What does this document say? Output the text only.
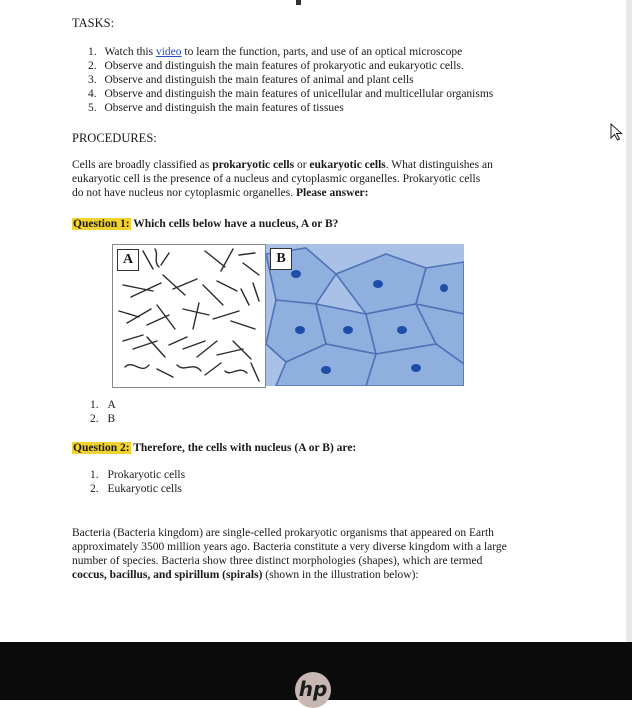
TASKS:
1. Watch this video to learn the function, parts, and use of an optical microscope
2. Observe and distinguish the main features of prokaryotic and eukaryotic cells.
3. Observe and distinguish the main features of animal and plant cells
4. Observe and distinguish the main features of unicellular and multicellular organisms
5. Observe and distinguish the main features of tissues
PROCEDURES:
Cells are broadly classified as prokaryotic cells or eukaryotic cells. What distinguishes an
eukaryotic cell is the presence of a nucleus and cytoplasmic organelles. Prokaryotic cells
do not have nucleus nor cytoplasmic organelles. Please answer:
Question 1: Which cells below have a nucleus, A or B?
A	B
1. A
2. B
Question 2: Therefore, the cells with nucleus (A or B) are:
1. Prokaryotic cells
2. Eukaryotic cells
Bacteria (Bacteria kingdom) are single-celled prokaryotic organisms that appeared on Earth
approximately 3500 million years ago. Bacteria constitute a very diverse kingdom with a large
number of species. Bacteria show three distinct morphologies (shapes), which are termed
coccus, bacillus, and spirillum (spirals) (shown in the illustration below):
hp
